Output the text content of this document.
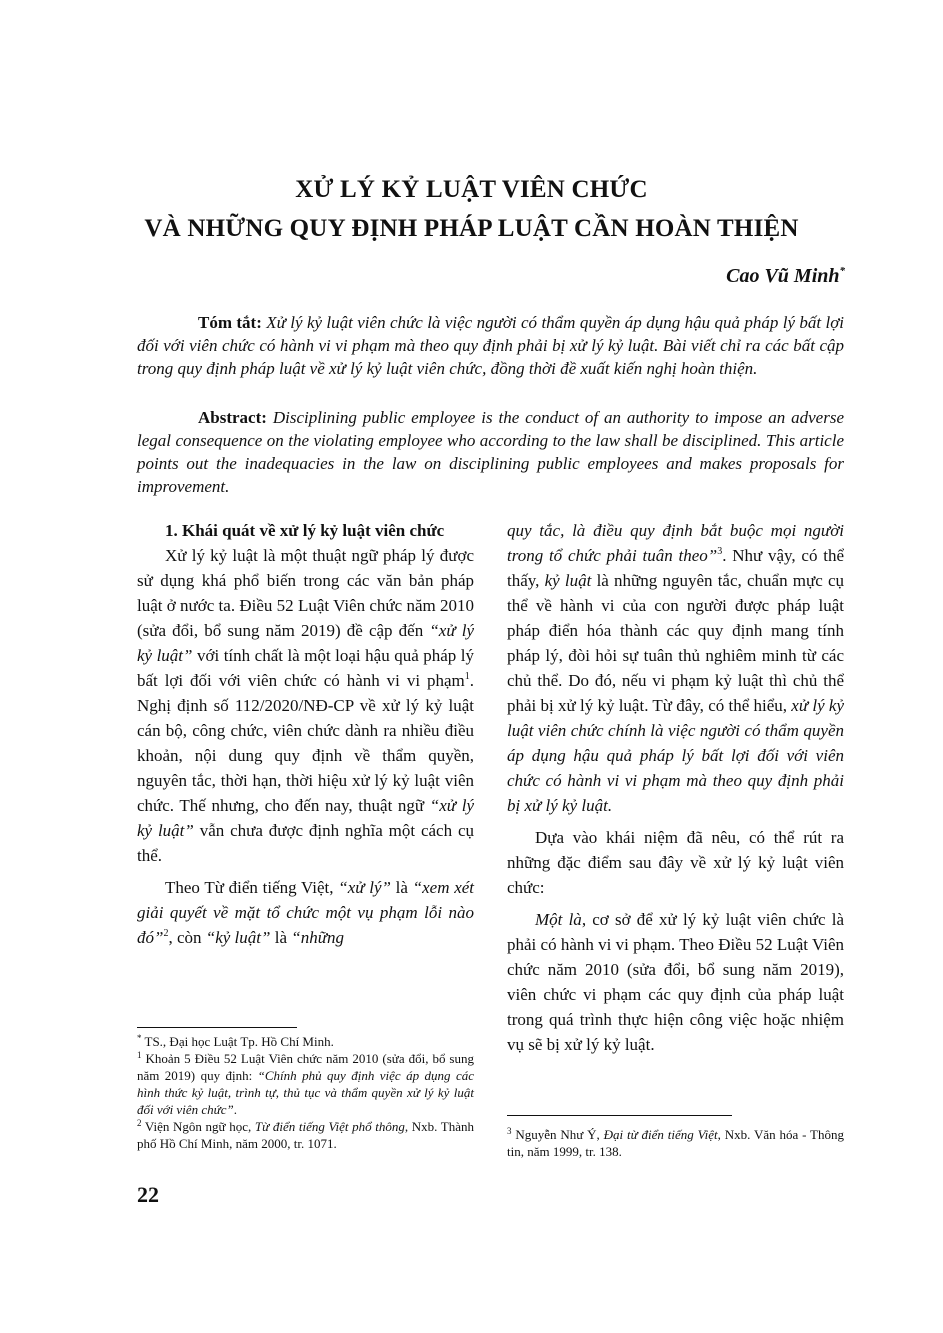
XỬ LÝ KỶ LUẬT VIÊN CHỨC
VÀ NHỮNG QUY ĐỊNH PHÁP LUẬT CẦN HOÀN THIỆN
Cao Vũ Minh*
Tóm tắt: Xử lý kỷ luật viên chức là việc người có thẩm quyền áp dụng hậu quả pháp lý bất lợi đối với viên chức có hành vi vi phạm mà theo quy định phải bị xử lý kỷ luật. Bài viết chỉ ra các bất cập trong quy định pháp luật về xử lý kỷ luật viên chức, đồng thời đề xuất kiến nghị hoàn thiện.
Abstract: Disciplining public employee is the conduct of an authority to impose an adverse legal consequence on the violating employee who according to the law shall be disciplined. This article points out the inadequacies in the law on disciplining public employees and makes proposals for improvement.

1. Khái quát về xử lý kỷ luật viên chức

Xử lý kỷ luật là một thuật ngữ pháp lý được sử dụng khá phổ biến trong các văn bản pháp luật ở nước ta. Điều 52 Luật Viên chức năm 2010 (sửa đổi, bổ sung năm 2019) đề cập đến “xử lý kỷ luật” với tính chất là một loại hậu quả pháp lý bất lợi đối với viên chức có hành vi vi phạm$^1$. Nghị định số 112/2020/NĐ-CP về xử lý kỷ luật cán bộ, công chức, viên chức dành ra nhiều điều khoản, nội dung quy định về thẩm quyền, nguyên tắc, thời hạn, thời hiệu xử lý kỷ luật viên chức. Thế nhưng, cho đến nay, thuật ngữ “xử lý kỷ luật” vẫn chưa được định nghĩa một cách cụ thể.

Theo Từ điển tiếng Việt, “xử lý” là “xem xét giải quyết về mặt tổ chức một vụ phạm lỗi nào đó”$^2$, còn “kỷ luật” là “những

quy tắc, là điều quy định bắt buộc mọi người trong tổ chức phải tuân theo”$^3$. Như vậy, có thể thấy, kỷ luật là những nguyên tắc, chuẩn mực cụ thể về hành vi của con người được pháp luật pháp điển hóa thành các quy định mang tính pháp lý, đòi hỏi sự tuân thủ nghiêm minh từ các chủ thể. Do đó, nếu vi phạm kỷ luật thì chủ thể phải bị xử lý kỷ luật. Từ đây, có thể hiểu, xử lý kỷ luật viên chức chính là việc người có thẩm quyền áp dụng hậu quả pháp lý bất lợi đối với viên chức có hành vi vi phạm mà theo quy định phải bị xử lý kỷ luật.

Dựa vào khái niệm đã nêu, có thể rút ra những đặc điểm sau đây về xử lý kỷ luật viên chức:

Một là, cơ sở để xử lý kỷ luật viên chức là phải có hành vi vi phạm. Theo Điều 52 Luật Viên chức năm 2010 (sửa đổi, bổ sung năm 2019), viên chức vi phạm các quy định của pháp luật trong quá trình thực hiện công việc hoặc nhiệm vụ sẽ bị xử lý kỷ luật.

* TS., Đại học Luật Tp. Hồ Chí Minh.

$^1$ Khoản 5 Điều 52 Luật Viên chức năm 2010 (sửa đổi, bổ sung năm 2019) quy định: “Chính phủ quy định việc áp dụng các hình thức kỷ luật, trình tự, thủ tục và thẩm quyền xử lý kỷ luật đối với viên chức”.

$^2$ Viện Ngôn ngữ học, Từ điển tiếng Việt phổ thông, Nxb. Thành phố Hồ Chí Minh, năm 2000, tr. 1071.

$^3$ Nguyễn Như Ý, Đại từ điển tiếng Việt, Nxb. Văn hóa - Thông tin, năm 1999, tr. 138.

22
